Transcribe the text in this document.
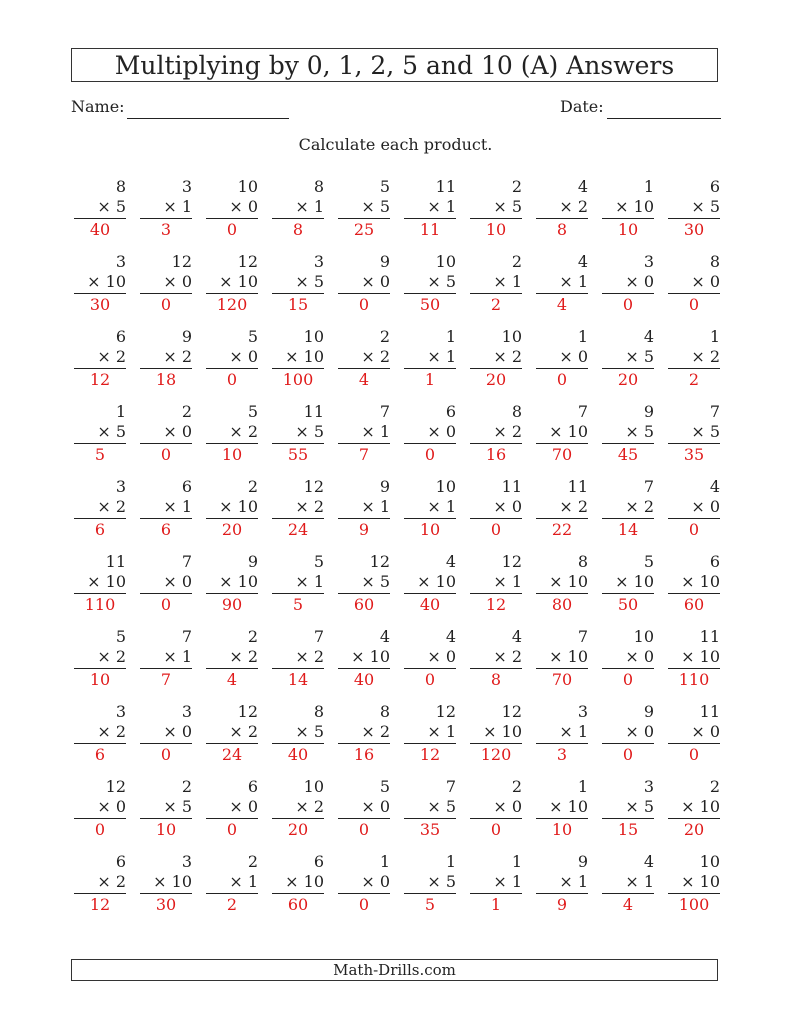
Multiplying by 0, 1, 2, 5 and 10 (A) Answers
Name:	Date:
Calculate each product.
8
× 5
40
3
× 1
3
10
× 0
0
8
× 1
8
5
× 5
25
11
× 1
11
2
× 5
10
4
× 2
8
1
× 10
10
6
× 5
30
3
× 10
30
12
× 0
0
12
× 10
120
3
× 5
15
9
× 0
0
10
× 5
50
2
× 1
2
4
× 1
4
3
× 0
0
8
× 0
0
6
× 2
12
9
× 2
18
5
× 0
0
10
× 10
100
2
× 2
4
1
× 1
1
10
× 2
20
1
× 0
0
4
× 5
20
1
× 2
2
1
× 5
5
2
× 0
0
5
× 2
10
11
× 5
55
7
× 1
7
6
× 0
0
8
× 2
16
7
× 10
70
9
× 5
45
7
× 5
35
3
× 2
6
6
× 1
6
2
× 10
20
12
× 2
24
9
× 1
9
10
× 1
10
11
× 0
0
11
× 2
22
7
× 2
14
4
× 0
0
11
× 10
110
7
× 0
0
9
× 10
90
5
× 1
5
12
× 5
60
4
× 10
40
12
× 1
12
8
× 10
80
5
× 10
50
6
× 10
60
5
× 2
10
7
× 1
7
2
× 2
4
7
× 2
14
4
× 10
40
4
× 0
0
4
× 2
8
7
× 10
70
10
× 0
0
11
× 10
110
3
× 2
6
3
× 0
0
12
× 2
24
8
× 5
40
8
× 2
16
12
× 1
12
12
× 10
120
3
× 1
3
9
× 0
0
11
× 0
0
12
× 0
0
2
× 5
10
6
× 0
0
10
× 2
20
5
× 0
0
7
× 5
35
2
× 0
0
1
× 10
10
3
× 5
15
2
× 10
20
6
× 2
12
3
× 10
30
2
× 1
2
6
× 10
60
1
× 0
0
1
× 5
5
1
× 1
1
9
× 1
9
4
× 1
4
10
× 10
100
Math-Drills.com
